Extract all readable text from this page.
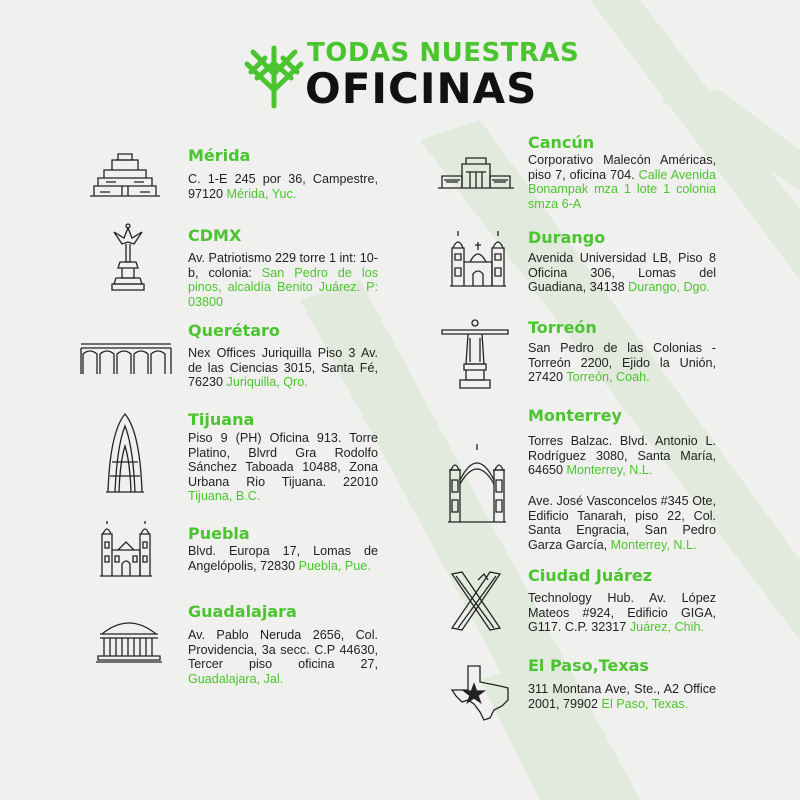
TODAS NUESTRAS
OFICINAS
Mérida
C. 1-E 245 por 36, Campestre, 97120 Mérida, Yuc.
CDMX
Av. Patriotismo 229 torre 1 int: 10-b, colonia: San Pedro de los pinos, alcaldía Benito Juárez. P: 03800
Querétaro
Nex Offices Juriquilla Piso 3 Av. de las Ciencias 3015, Santa Fé, 76230 Juriquilla, Qro.
Tijuana
Piso 9 (PH) Oficina 913. Torre Platino, Blvrd Gra Rodolfo Sánchez Taboada 10488, Zona Urbana Rio Tijuana. 22010 Tijuana, B.C.
Puebla
Blvd. Europa 17, Lomas de Angelópolis, 72830 Puebla, Pue.
Guadalajara
Av. Pablo Neruda 2656, Col. Providencia, 3a secc. C.P 44630, Tercer piso oficina 27, Guadalajara, Jal.
Cancún
Corporativo Malecón Américas, piso 7, oficina 704. Calle Avenida Bonampak mza 1 lote 1 colonia smza 6-A
Durango
Avenida Universidad LB, Piso 8 Oficina 306, Lomas del Guadiana, 34138 Durango, Dgo.
Torreón
San Pedro de las Colonias - Torreón 2200, Ejido la Unión, 27420 Torreón, Coah.
Monterrey
Torres Balzac. Blvd. Antonio L. Rodríguez 3080, Santa María, 64650 Monterrey, N.L.
Ave. José Vasconcelos #345 Ote, Edificio Tanarah, piso 22, Col. Santa Engracia, San Pedro Garza García, Monterrey, N.L.
Ciudad Juárez
Technology Hub. Av. López Mateos #924, Edificio GIGA, G117. C.P. 32317 Juárez, Chih.
El Paso,Texas
311 Montana Ave, Ste., A2 Office 2001, 79902 El Paso, Texas.
